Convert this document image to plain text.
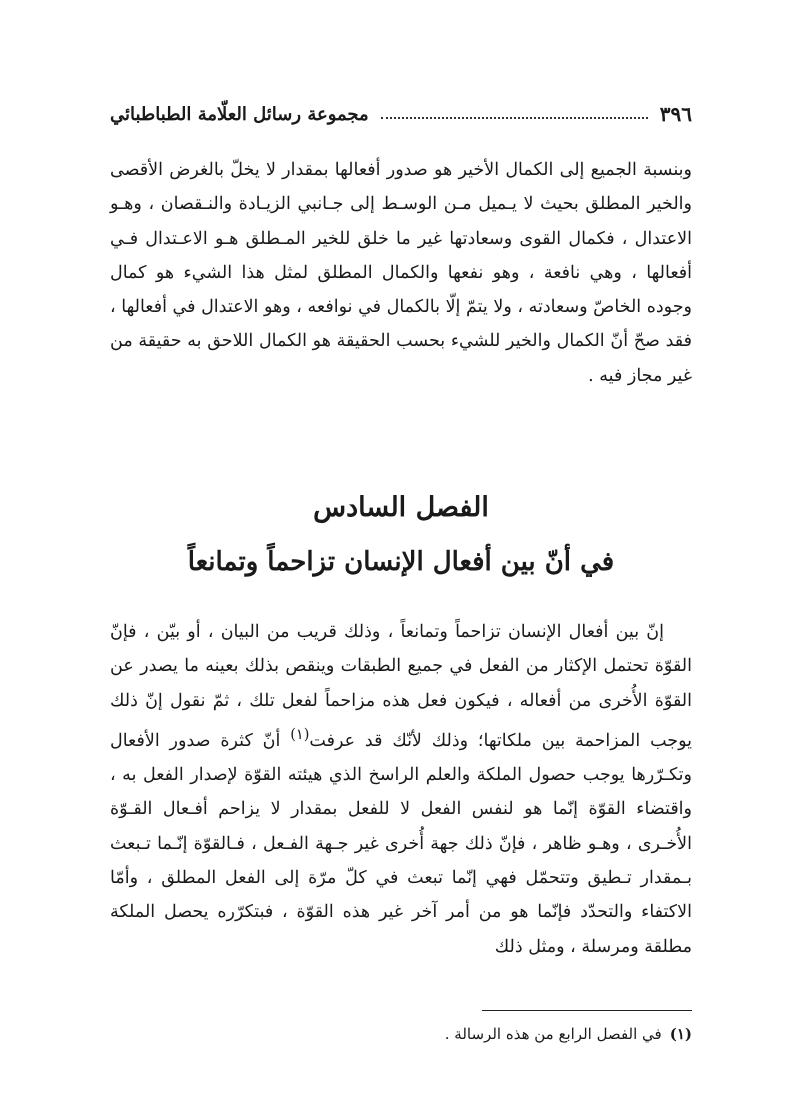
٣٩٦
مجموعة رسائل العلّامة الطباطبائي
وبنسبة الجميع إلى الكمال الأخير هو صدور أفعالها بمقدار لا يخلّ بالغرض الأقصى والخير المطلق بحيث لا يـميل مـن الوسـط إلى جـانبي الزيـادة والنـقصان ، وهـو الاعتدال ، فكمال القوى وسعادتها غير ما خلق للخير المـطلق هـو الاعـتدال فـي أفعالها ، وهي نافعة ، وهو نفعها والكمال المطلق لمثل هذا الشيء هو كمال وجوده الخاصّ وسعادته ، ولا يتمّ إلّا بالكمال في نوافعه ، وهو الاعتدال في أفعالها ، فقد صحّ أنّ الكمال والخير للشيء بحسب الحقيقة هو الكمال اللاحق به حقيقة من غير مجاز فيه .
الفصل السادس
في أنّ بين أفعال الإنسان تزاحماً وتمانعاً
إنّ بين أفعال الإنسان تزاحماً وتمانعاً ، وذلك قريب من البيان ، أو بيّن ، فإنّ القوّة تحتمل الإكثار من الفعل في جميع الطبقات وينقص بذلك بعينه ما يصدر عن القوّة الأُخرى من أفعاله ، فيكون فعل هذه مزاحماً لفعل تلك ، ثمّ نقول إنّ ذلك يوجب المزاحمة بين ملكاتها؛ وذلك لأنّك قد عرفت$^{(١)}$ أنّ كثرة صدور الأفعال وتكـرّرها يوجب حصول الملكة والعلم الراسخ الذي هيئته القوّة لإصدار الفعل به ، واقتضاء القوّة إنّما هو لنفس الفعل لا للفعل بمقدار لا يزاحم أفـعال القـوّة الأُخـرى ، وهـو ظاهر ، فإنّ ذلك جهة أُخرى غير جـهة الفـعل ، فـالقوّة إنّـما تـبعث بـمقدار تـطيق وتتحمّل فهي إنّما تبعث في كلّ مرّة إلى الفعل المطلق ، وأمّا الاكتفاء والتحدّد فإنّما هو من أمر آخر غير هذه القوّة ، فبتكرّره يحصل الملكة مطلقة ومرسلة ، ومثل ذلك
(١)في الفصل الرابع من هذه الرسالة .
